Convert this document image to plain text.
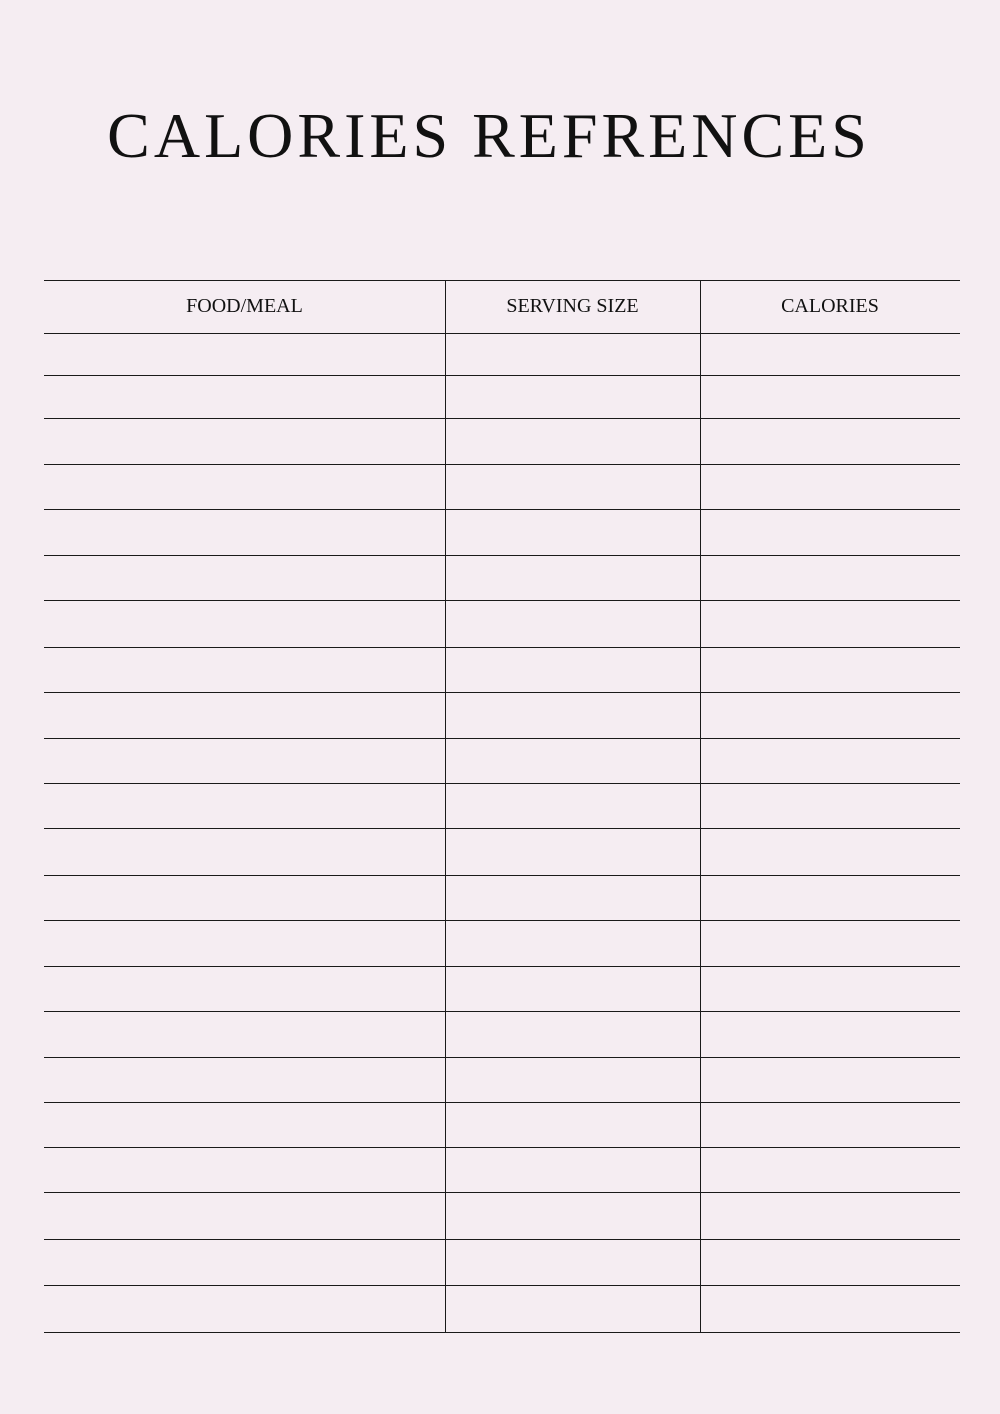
CALORIES REFRENCES
FOOD/MEAL	SERVING SIZE	CALORIES
